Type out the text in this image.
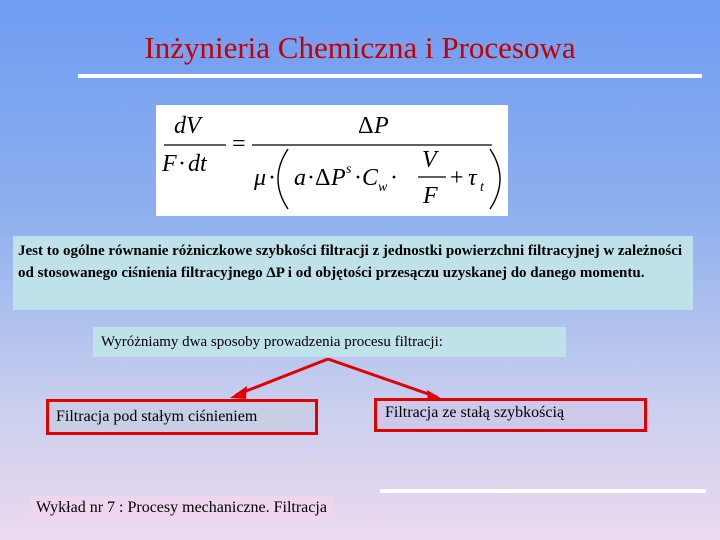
Inżynieria Chemiczna i Procesowa
dV
F · dt
=
Δ P
μ · a ·Δ P s · C w ·
V
F
+ τ t
Jest to ogólne równanie różniczkowe szybkości filtracji z jednostki powierzchni filtracyjnej w zależności od stosowanego ciśnienia filtracyjnego ΔP i od objętości przesączu uzyskanej do danego momentu.
Wyróżniamy dwa sposoby prowadzenia procesu filtracji:
Filtracja pod stałym ciśnieniem	Filtracja ze stałą szybkością
Wykład nr 7 : Procesy mechaniczne. Filtracja
